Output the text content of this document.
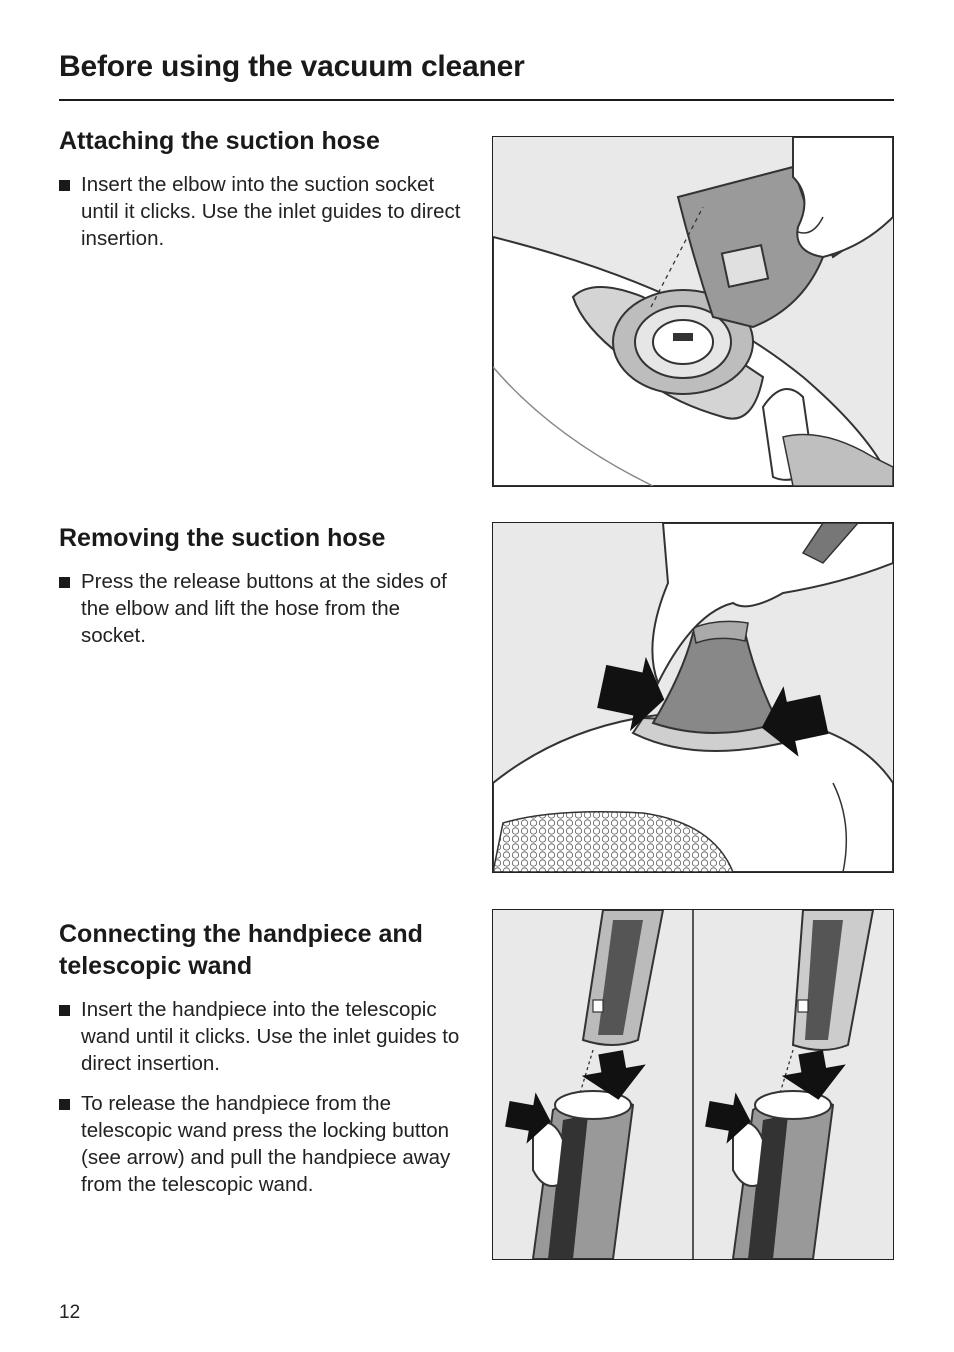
Before using the vacuum cleaner
Attaching the suction hose
Insert the elbow into the suction socket until it clicks. Use the inlet guides to direct insertion.
Removing the suction hose
Press the release buttons at the sides of the elbow and lift the hose from the socket.
Connecting the handpiece and telescopic wand
Insert the handpiece into the telescopic wand until it clicks. Use the inlet guides to direct insertion.
To release the handpiece from the telescopic wand press the locking button (see arrow) and pull the handpiece away from the telescopic wand.
12
